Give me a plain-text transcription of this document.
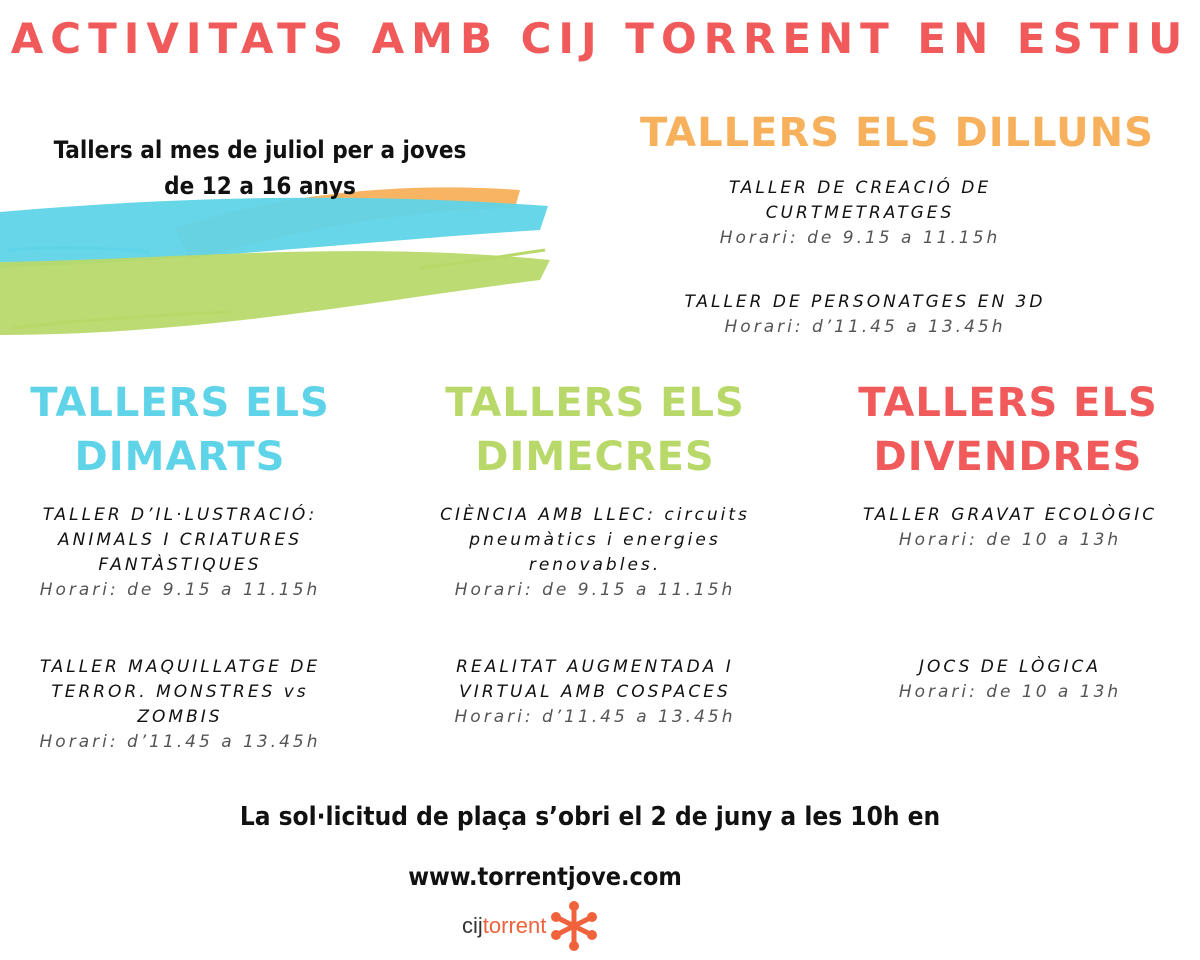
ACTIVITATS AMB CIJ TORRENT EN ESTIU
Tallers al mes de juliol per a joves de 12 a 16 anys
TALLERS ELS DILLUNS
TALLER DE CREACIÓ DE CURTMETRATGES
Horari: de 9.15 a 11.15h
TALLER DE PERSONATGES EN 3D
Horari: d’11.45 a 13.45h
TALLERS ELS DIMARTS
TALLER D’IL·LUSTRACIÓ: ANIMALS I CRIATURES FANTÀSTIQUES
Horari: de 9.15 a 11.15h
TALLER MAQUILLATGE DE TERROR. MONSTRES vs ZOMBIS
Horari: d’11.45 a 13.45h
TALLERS ELS DIMECRES
CIÈNCIA AMB LLEC: circuits pneumàtics i energies renovables.
Horari: de 9.15 a 11.15h
REALITAT AUGMENTADA I VIRTUAL AMB COSPACES
Horari: d’11.45 a 13.45h
TALLERS ELS DIVENDRES
TALLER GRAVAT ECOLÒGIC
Horari: de 10 a 13h
JOCS DE LÒGICA
Horari: de 10 a 13h
La sol·licitud de plaça s’obri el 2 de juny a les 10h en
www.torrentjove.com
cijtorrent
